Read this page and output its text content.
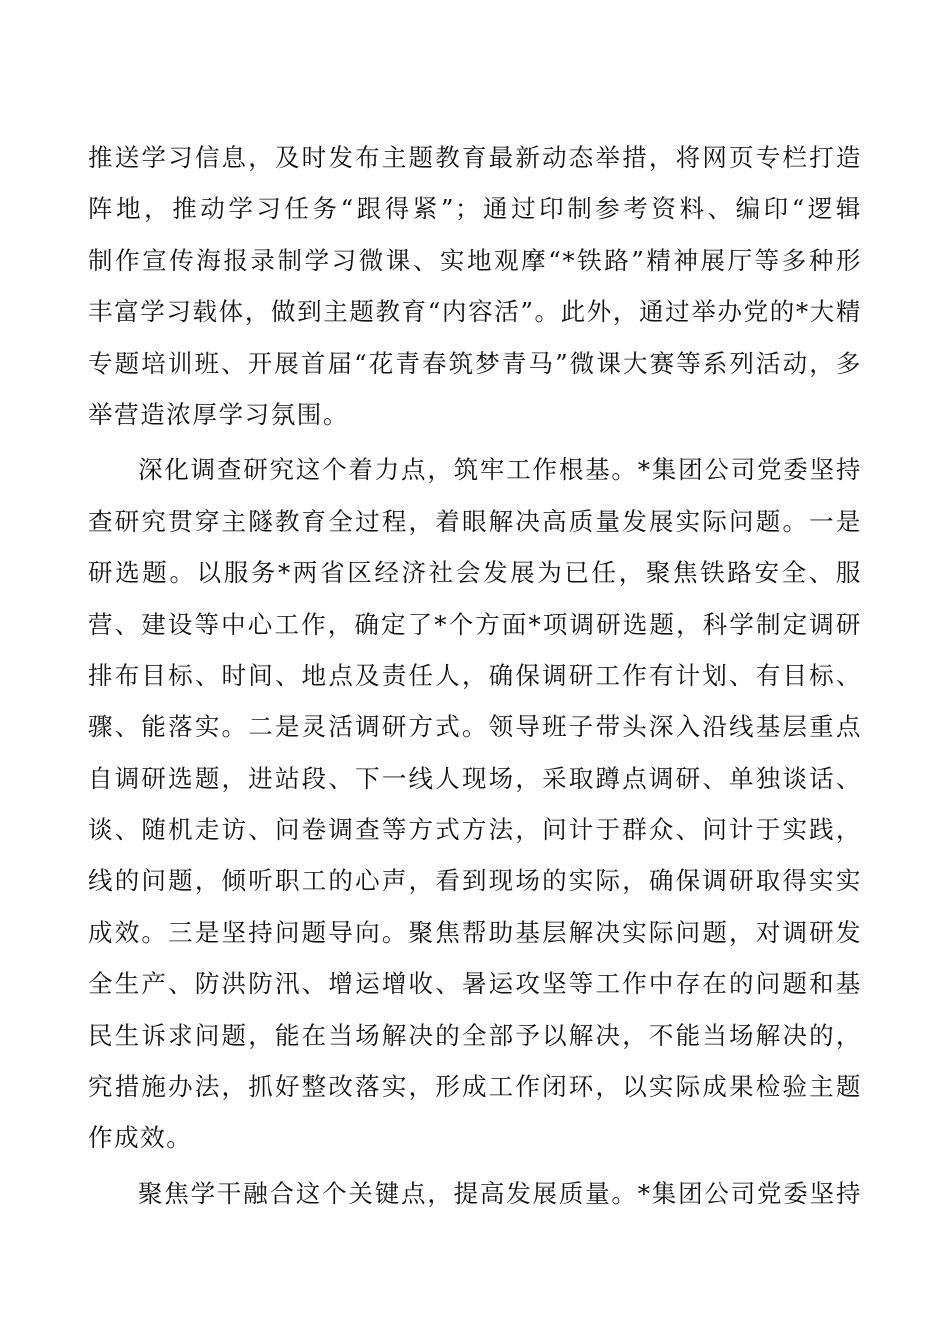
推送学习信息，及时发布主题教育最新动态举措，将网页专栏打造
阵地，推动学习任务“跟得紧”；通过印制参考资料、编印“逻辑
制作宣传海报录制学习微课、实地观摩“*铁路”精神展厅等多种形
丰富学习载体，做到主题教育“内容活”。此外，通过举办党的*大精
专题培训班、开展首届“花青春筑梦青马”微课大赛等系列活动，多
举营造浓厚学习氛围。
深化调查研究这个着力点，筑牢工作根基。*集团公司党委坚持
查研究贯穿主隧教育全过程，着眼解决高质量发展实际问题。一是
研选题。以服务*两省区经济社会发展为已任，聚焦铁路安全、服
营、建设等中心工作，确定了*个方面*项调研选题，科学制定调研
排布目标、时间、地点及责任人，确保调研工作有计划、有目标、
骤、能落实。二是灵活调研方式。领导班子带头深入沿线基层重点
自调研选题，进站段、下一线人现场，采取蹲点调研、单独谈话、
谈、随机走访、问卷调查等方式方法，问计于群众、问计于实践，
线的问题，倾听职工的心声，看到现场的实际，确保调研取得实实
成效。三是坚持问题导向。聚焦帮助基层解决实际问题，对调研发
全生产、防洪防汛、增运增收、暑运攻坚等工作中存在的问题和基
民生诉求问题，能在当场解决的全部予以解决，不能当场解决的，
究措施办法，抓好整改落实，形成工作闭环，以实际成果检验主题
作成效。
聚焦学干融合这个关键点，提高发展质量。*集团公司党委坚持
